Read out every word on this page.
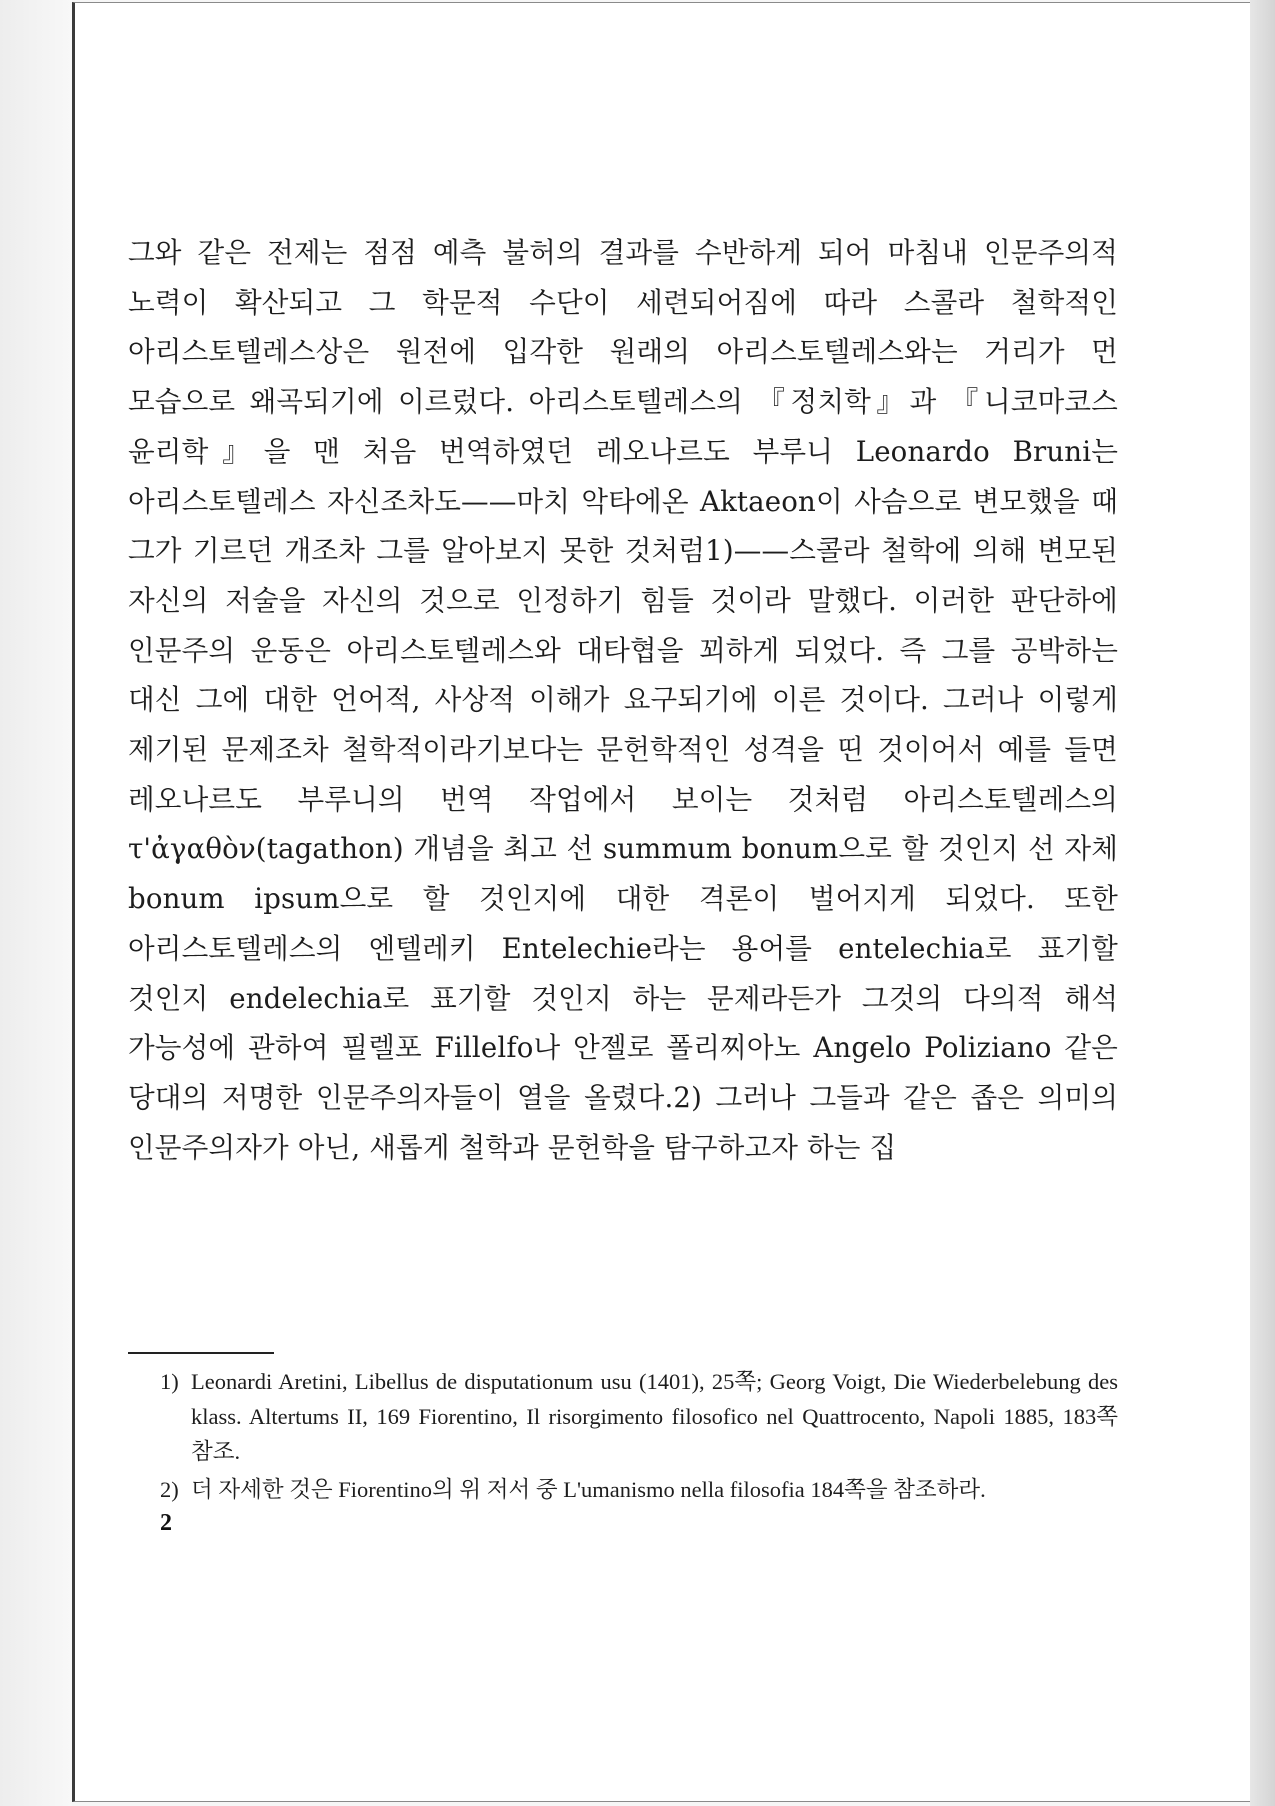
그와 같은 전제는 점점 예측 불허의 결과를 수반하게 되어 마침내 인문주의적 노력이 확산되고 그 학문적 수단이 세련되어짐에 따라 스콜라 철학적인 아리스토텔레스상은 원전에 입각한 원래의 아리스토텔레스와는 거리가 먼 모습으로 왜곡되기에 이르렀다. 아리스토텔레스의 『정치학』과 『니코마코스 윤리학』을 맨 처음 번역하였던 레오나르도 부루니 Leonardo Bruni는 아리스토텔레스 자신조차도——마치 악타에온 Aktaeon이 사슴으로 변모했을 때 그가 기르던 개조차 그를 알아보지 못한 것처럼1)——스콜라 철학에 의해 변모된 자신의 저술을 자신의 것으로 인정하기 힘들 것이라 말했다. 이러한 판단하에 인문주의 운동은 아리스토텔레스와 대타협을 꾀하게 되었다. 즉 그를 공박하는 대신 그에 대한 언어적, 사상적 이해가 요구되기에 이른 것이다. 그러나 이렇게 제기된 문제조차 철학적이라기보다는 문헌학적인 성격을 띤 것이어서 예를 들면 레오나르도 부루니의 번역 작업에서 보이는 것처럼 아리스토텔레스의 τ'ἀγαθὸν(tagathon) 개념을 최고 선 summum bonum으로 할 것인지 선 자체 bonum ipsum으로 할 것인지에 대한 격론이 벌어지게 되었다. 또한 아리스토텔레스의 엔텔레키 Entelechie라는 용어를 entelechia로 표기할 것인지 endelechia로 표기할 것인지 하는 문제라든가 그것의 다의적 해석 가능성에 관하여 필렐포 Fillelfo나 안젤로 폴리찌아노 Angelo Poliziano 같은 당대의 저명한 인문주의자들이 열을 올렸다.2) 그러나 그들과 같은 좁은 의미의 인문주의자가 아닌, 새롭게 철학과 문헌학을 탐구하고자 하는 집

1) Leonardi Aretini, Libellus de disputationum usu (1401), 25쪽; Georg Voigt, Die Wiederbelebung des klass. Altertums II, 169 Fiorentino, Il risorgimento filosofico nel Quattrocento, Napoli 1885, 183쪽 참조.
2) 더 자세한 것은 Fiorentino의 위 저서 중 L'umanismo nella filosofia 184쪽을 참조하라.

2
